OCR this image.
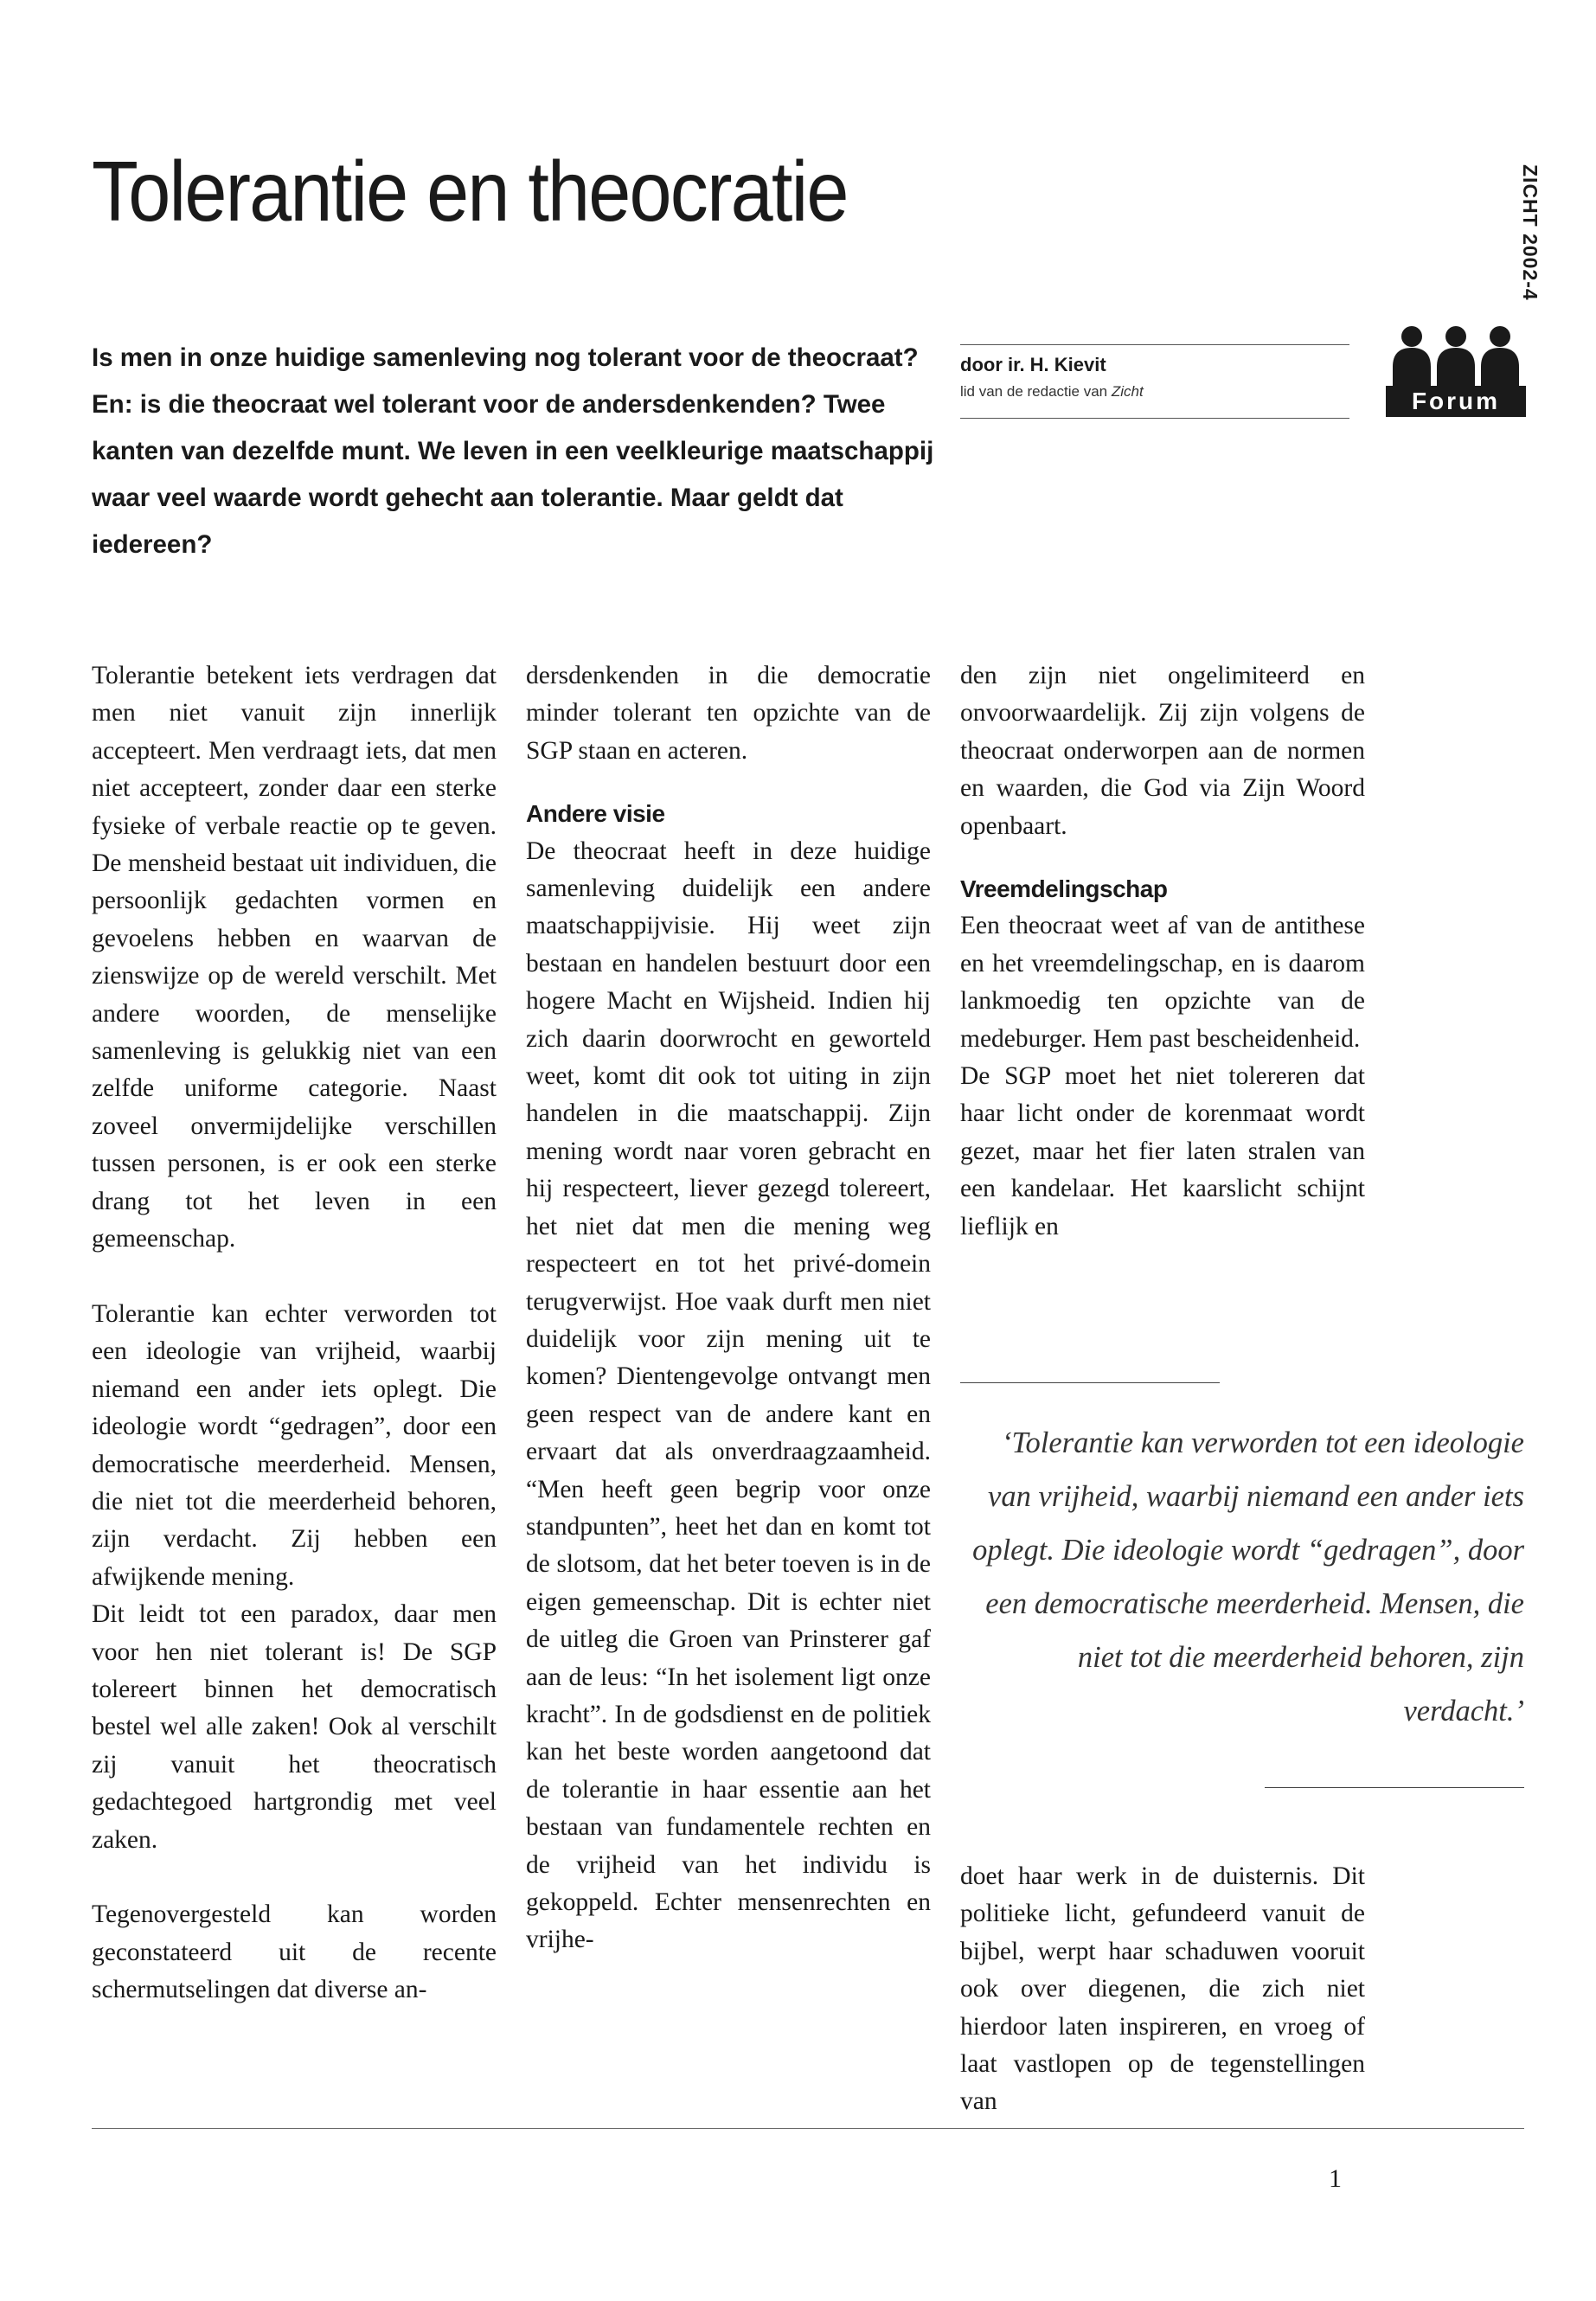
Tolerantie en theocratie	ZICHT 2002-4

Is men in onze huidige samenleving nog tolerant voor de theocraat? En: is die theocraat wel tolerant voor de andersdenkenden? Twee kanten van dezelfde munt. We leven in een veelkleurige maatschappij waar veel waarde wordt gehecht aan tolerantie. Maar geldt dat iedereen?

door ir. H. Kievit
lid van de redactie van Zicht	Forum

Tolerantie betekent iets verdragen dat men niet vanuit zijn innerlijk accepteert. Men verdraagt iets, dat men niet accepteert, zonder daar een sterke fysieke of verbale reactie op te geven. De mensheid bestaat uit individuen, die persoonlijk gedachten vormen en gevoelens hebben en waarvan de zienswijze op de wereld verschilt. Met andere woorden, de menselijke samenleving is gelukkig niet van een zelfde uniforme categorie. Naast zoveel onvermijdelijke verschillen tussen personen, is er ook een sterke drang tot het leven in een gemeenschap.

Tolerantie kan echter verworden tot een ideologie van vrijheid, waarbij niemand een ander iets oplegt. Die ideologie wordt “gedragen”, door een democratische meerderheid. Mensen, die niet tot die meerderheid behoren, zijn verdacht. Zij hebben een afwijkende mening.

Dit leidt tot een paradox, daar men voor hen niet tolerant is! De SGP tolereert binnen het democratisch bestel wel alle zaken! Ook al verschilt zij vanuit het theocratisch gedachtegoed hartgrondig met veel zaken.

Tegenovergesteld kan worden geconstateerd uit de recente schermutselingen dat diverse an-

dersdenkenden in die democratie minder tolerant ten opzichte van de SGP staan en acteren.

Andere visie

De theocraat heeft in deze huidige samenleving duidelijk een andere maatschappijvisie. Hij weet zijn bestaan en handelen bestuurt door een hogere Macht en Wijsheid. Indien hij zich daarin doorwrocht en geworteld weet, komt dit ook tot uiting in zijn handelen in die maatschappij. Zijn mening wordt naar voren gebracht en hij respecteert, liever gezegd tolereert, het niet dat men die mening weg respecteert en tot het privé-domein terugverwijst. Hoe vaak durft men niet duidelijk voor zijn mening uit te komen? Dientengevolge ontvangt men geen respect van de andere kant en ervaart dat als onverdraagzaamheid. “Men heeft geen begrip voor onze standpunten”, heet het dan en komt tot de slotsom, dat het beter toeven is in de eigen gemeenschap. Dit is echter niet de uitleg die Groen van Prinsterer gaf aan de leus: “In het isolement ligt onze kracht”. In de godsdienst en de politiek kan het beste worden aangetoond dat de tolerantie in haar essentie aan het bestaan van fundamentele rechten en de vrijheid van het individu is gekoppeld. Echter mensenrechten en vrijhe-

den zijn niet ongelimiteerd en onvoorwaardelijk. Zij zijn volgens de theocraat onderworpen aan de normen en waarden, die God via Zijn Woord openbaart.

Vreemdelingschap

Een theocraat weet af van de antithese en het vreemdelingschap, en is daarom lankmoedig ten opzichte van de medeburger. Hem past bescheidenheid.

De SGP moet het niet tolereren dat haar licht onder de korenmaat wordt gezet, maar het fier laten stralen van een kandelaar. Het kaarslicht schijnt lieflijk en

‘Tolerantie kan verworden tot een ideologie van vrijheid, waarbij niemand een ander iets oplegt. Die ideologie wordt “gedragen”, door een democratische meerderheid. Mensen, die niet tot die meerderheid behoren, zijn verdacht.’

doet haar werk in de duisternis. Dit politieke licht, gefundeerd vanuit de bijbel, werpt haar schaduwen vooruit ook over diegenen, die zich niet hierdoor laten inspireren, en vroeg of laat vastlopen op de tegenstellingen van

1
